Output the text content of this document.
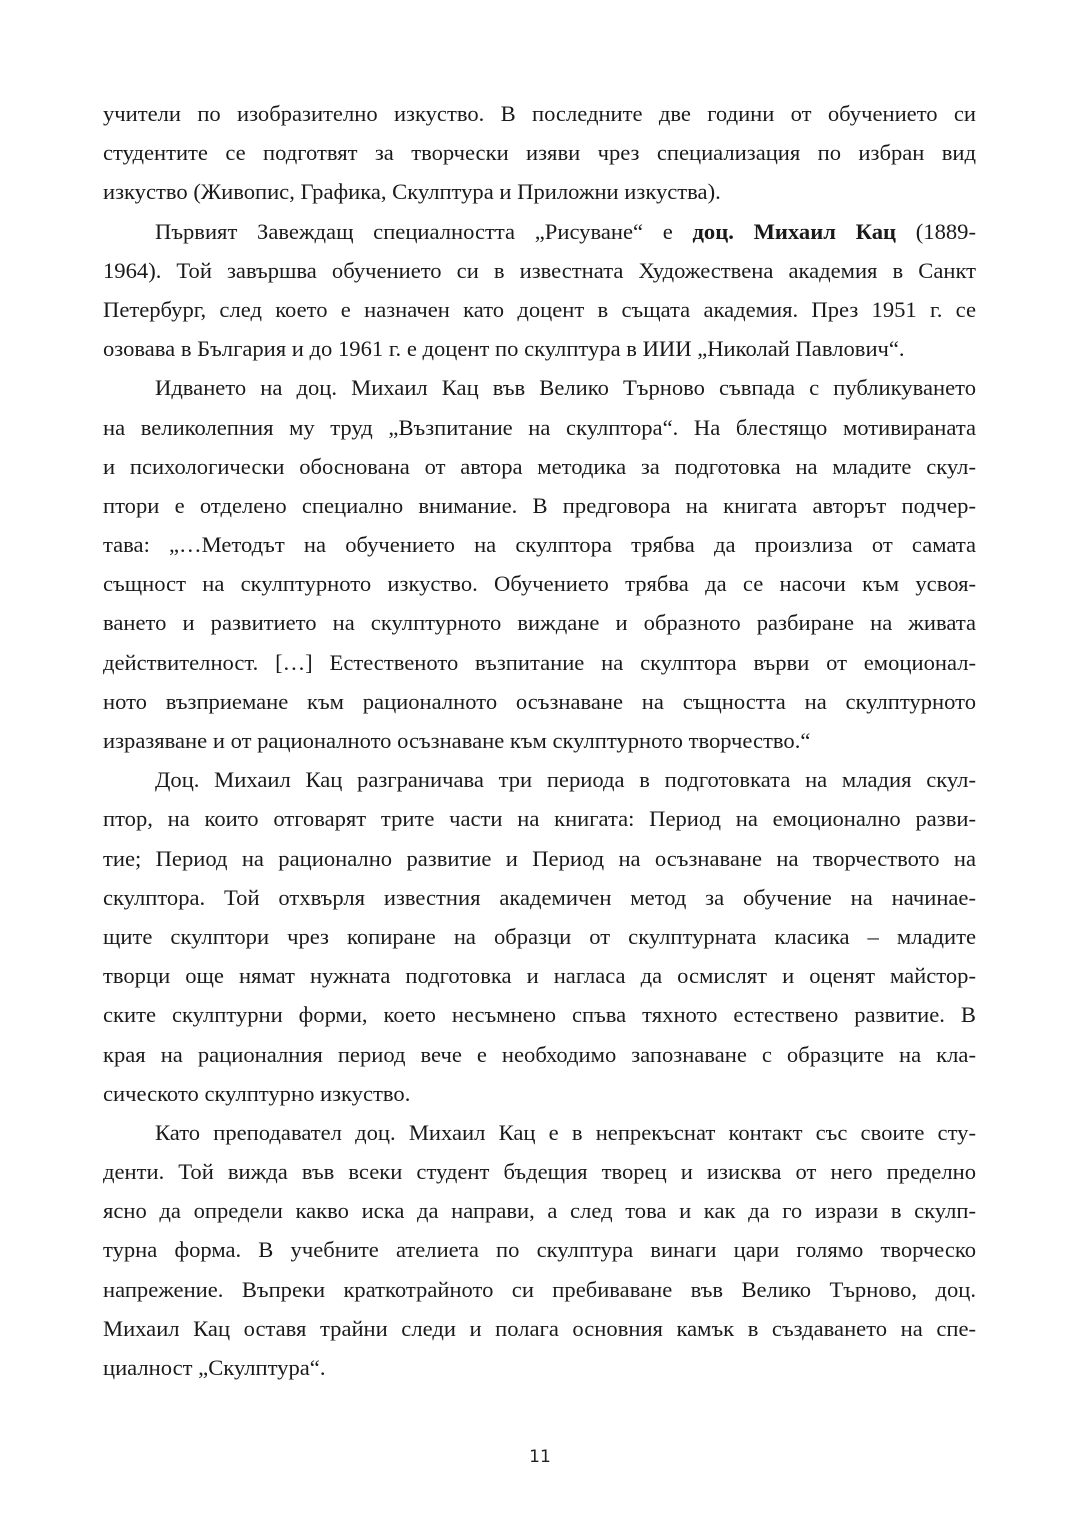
учители по изобразително изкуство. В последните две години от обучението си
студентите се подготвят за творчески изяви чрез специализация по избран вид
изкуство (Живопис, Графика, Скулптура и Приложни изкуства).
Първият Завеждащ специалността „Рисуване“ е доц. Михаил Кац (1889-
1964). Той завършва обучението си в известната Художествена академия в Санкт
Петербург, след което е назначен като доцент в същата академия. През 1951 г. се
озовава в България и до 1961 г. е доцент по скулптура в ИИИ „Николай Павлович“.
Идването на доц. Михаил Кац във Велико Търново съвпада с публикуването
на великолепния му труд „Възпитание на скулптора“. На блестящо мотивираната
и психологически обоснована от автора методика за подготовка на младите скул-
птори е отделено специално внимание. В предговора на книгата авторът подчер-
тава: „…Методът на обучението на скулптора трябва да произлиза от самата
същност на скулптурното изкуство. Обучението трябва да се насочи към усвоя-
ването и развитието на скулптурното виждане и образното разбиране на живата
действителност. […] Естественото възпитание на скулптора върви от емоционал-
ното възприемане към рационалното осъзнаване на същността на скулптурното
изразяване и от рационалното осъзнаване към скулптурното творчество.“
Доц. Михаил Кац разграничава три периода в подготовката на младия скул-
птор, на които отговарят трите части на книгата: Период на емоционално разви-
тие; Период на рационално развитие и Период на осъзнаване на творчеството на
скулптора. Той отхвърля известния академичен метод за обучение на начинае-
щите скулптори чрез копиране на образци от скулптурната класика – младите
творци още нямат нужната подготовка и нагласа да осмислят и оценят майстор-
ските скулптурни форми, което несъмнено спъва тяхното естествено развитие. В
края на рационалния период вече е необходимо запознаване с образците на кла-
сическото скулптурно изкуство.
Като преподавател доц. Михаил Кац е в непрекъснат контакт със своите сту-
денти. Той вижда във всеки студент бъдещия творец и изисква от него пределно
ясно да определи какво иска да направи, а след това и как да го изрази в скулп-
турна форма. В учебните ателиета по скулптура винаги цари голямо творческо
напрежение. Въпреки краткотрайното си пребиваване във Велико Търново, доц.
Михаил Кац оставя трайни следи и полага основния камък в създаването на спе-
циалност „Скулптура“.
11
